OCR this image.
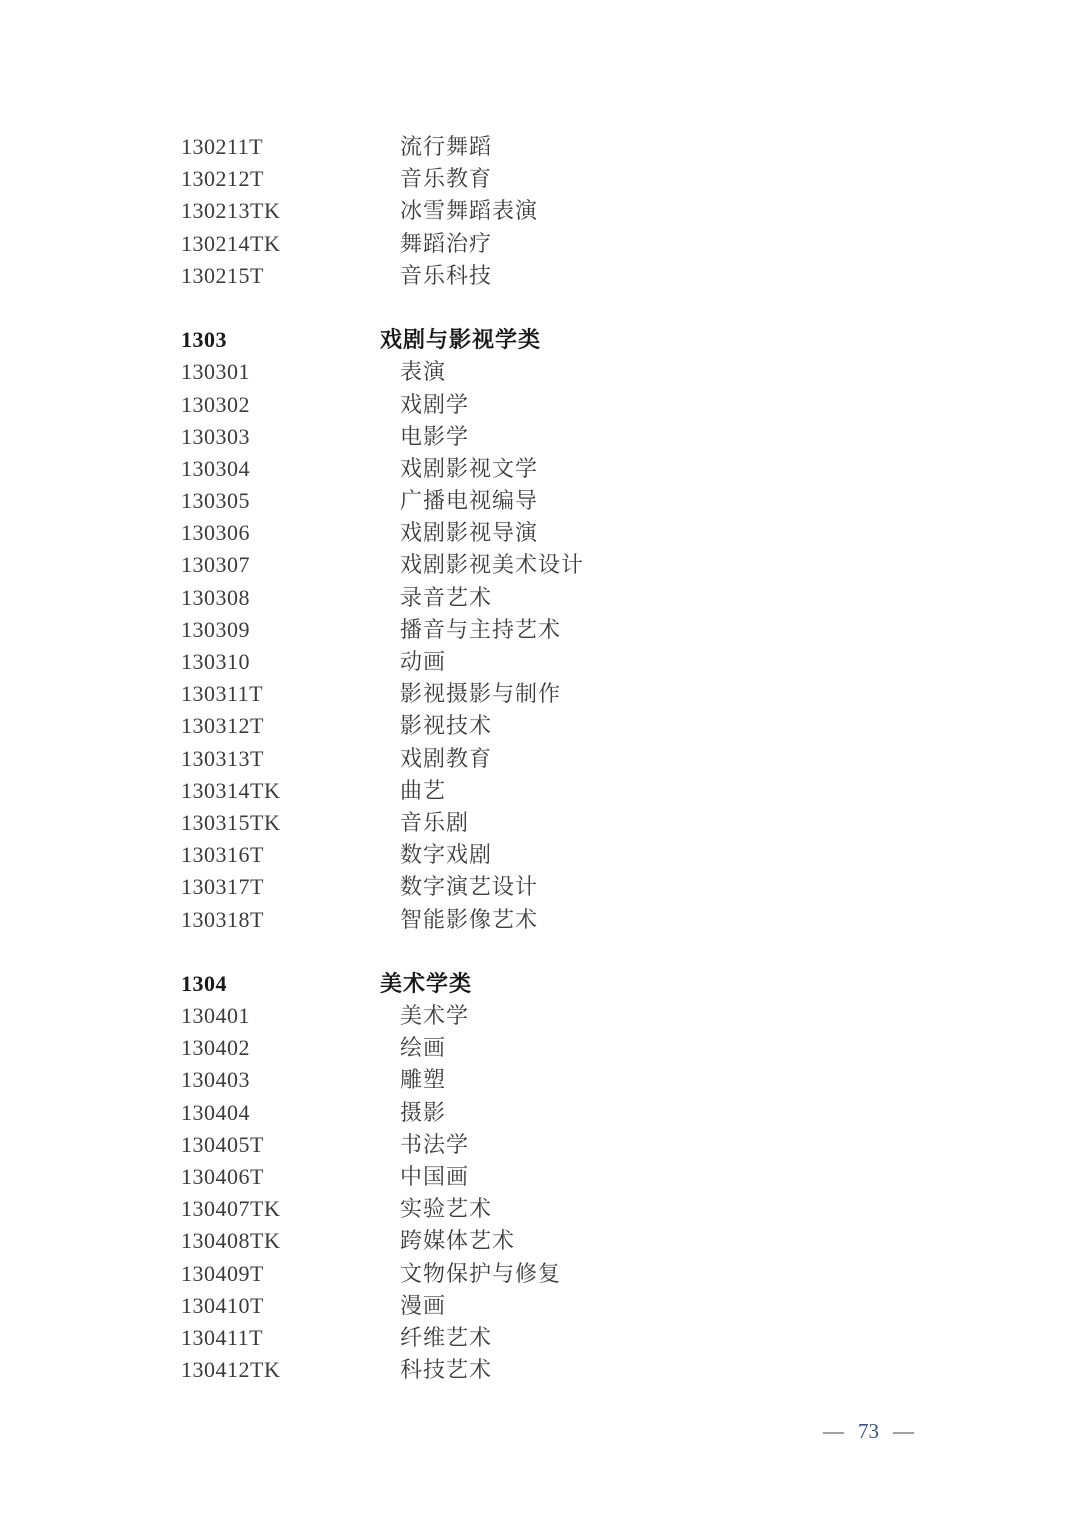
130211T	流行舞蹈
130212T	音乐教育
130213TK	冰雪舞蹈表演
130214TK	舞蹈治疗
130215T	音乐科技
1303	戏剧与影视学类
130301	表演
130302	戏剧学
130303	电影学
130304	戏剧影视文学
130305	广播电视编导
130306	戏剧影视导演
130307	戏剧影视美术设计
130308	录音艺术
130309	播音与主持艺术
130310	动画
130311T	影视摄影与制作
130312T	影视技术
130313T	戏剧教育
130314TK	曲艺
130315TK	音乐剧
130316T	数字戏剧
130317T	数字演艺设计
130318T	智能影像艺术
1304	美术学类
130401	美术学
130402	绘画
130403	雕塑
130404	摄影
130405T	书法学
130406T	中国画
130407TK	实验艺术
130408TK	跨媒体艺术
130409T	文物保护与修复
130410T	漫画
130411T	纤维艺术
130412TK	科技艺术
— 73 —
